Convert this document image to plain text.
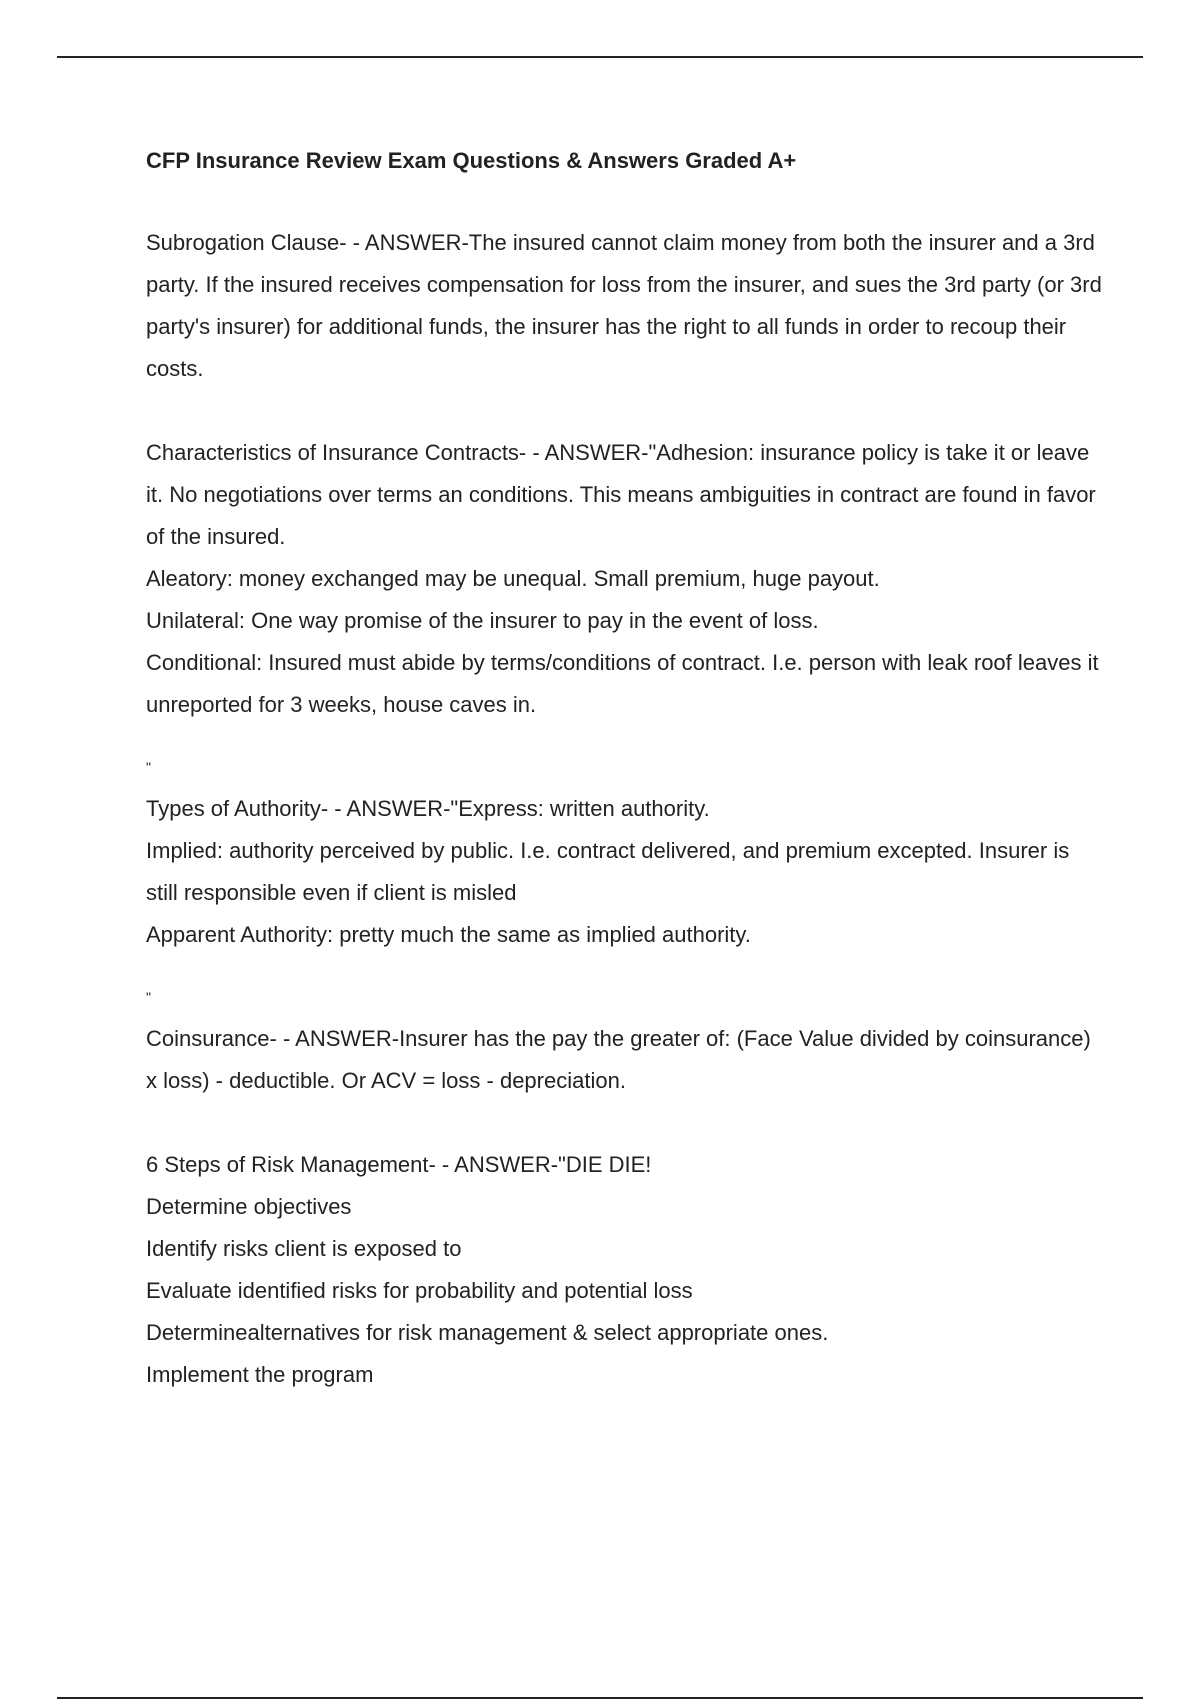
CFP Insurance Review Exam Questions & Answers Graded A+
Subrogation Clause- - ANSWER-The insured cannot claim money from both the insurer and a 3rd party. If the insured receives compensation for loss from the insurer, and sues the 3rd party (or 3rd party's insurer) for additional funds, the insurer has the right to all funds in order to recoup their costs.
Characteristics of Insurance Contracts- - ANSWER-"Adhesion: insurance policy is take it or leave it. No negotiations over terms an conditions. This means ambiguities in contract are found in favor of the insured.
Aleatory: money exchanged may be unequal. Small premium, huge payout.
Unilateral: One way promise of the insurer to pay in the event of loss.
Conditional: Insured must abide by terms/conditions of contract. I.e. person with leak roof leaves it unreported for 3 weeks, house caves in.
"
Types of Authority- - ANSWER-"Express: written authority.
Implied: authority perceived by public. I.e. contract delivered, and premium excepted. Insurer is still responsible even if client is misled
Apparent Authority: pretty much the same as implied authority.
"
Coinsurance- - ANSWER-Insurer has the pay the greater of: (Face Value divided by coinsurance) x loss) - deductible. Or ACV = loss - depreciation.
6 Steps of Risk Management- - ANSWER-"DIE DIE!
Determine objectives
Identify risks client is exposed to
Evaluate identified risks for probability and potential loss
Determinealternatives for risk management & select appropriate ones.
Implement the program
